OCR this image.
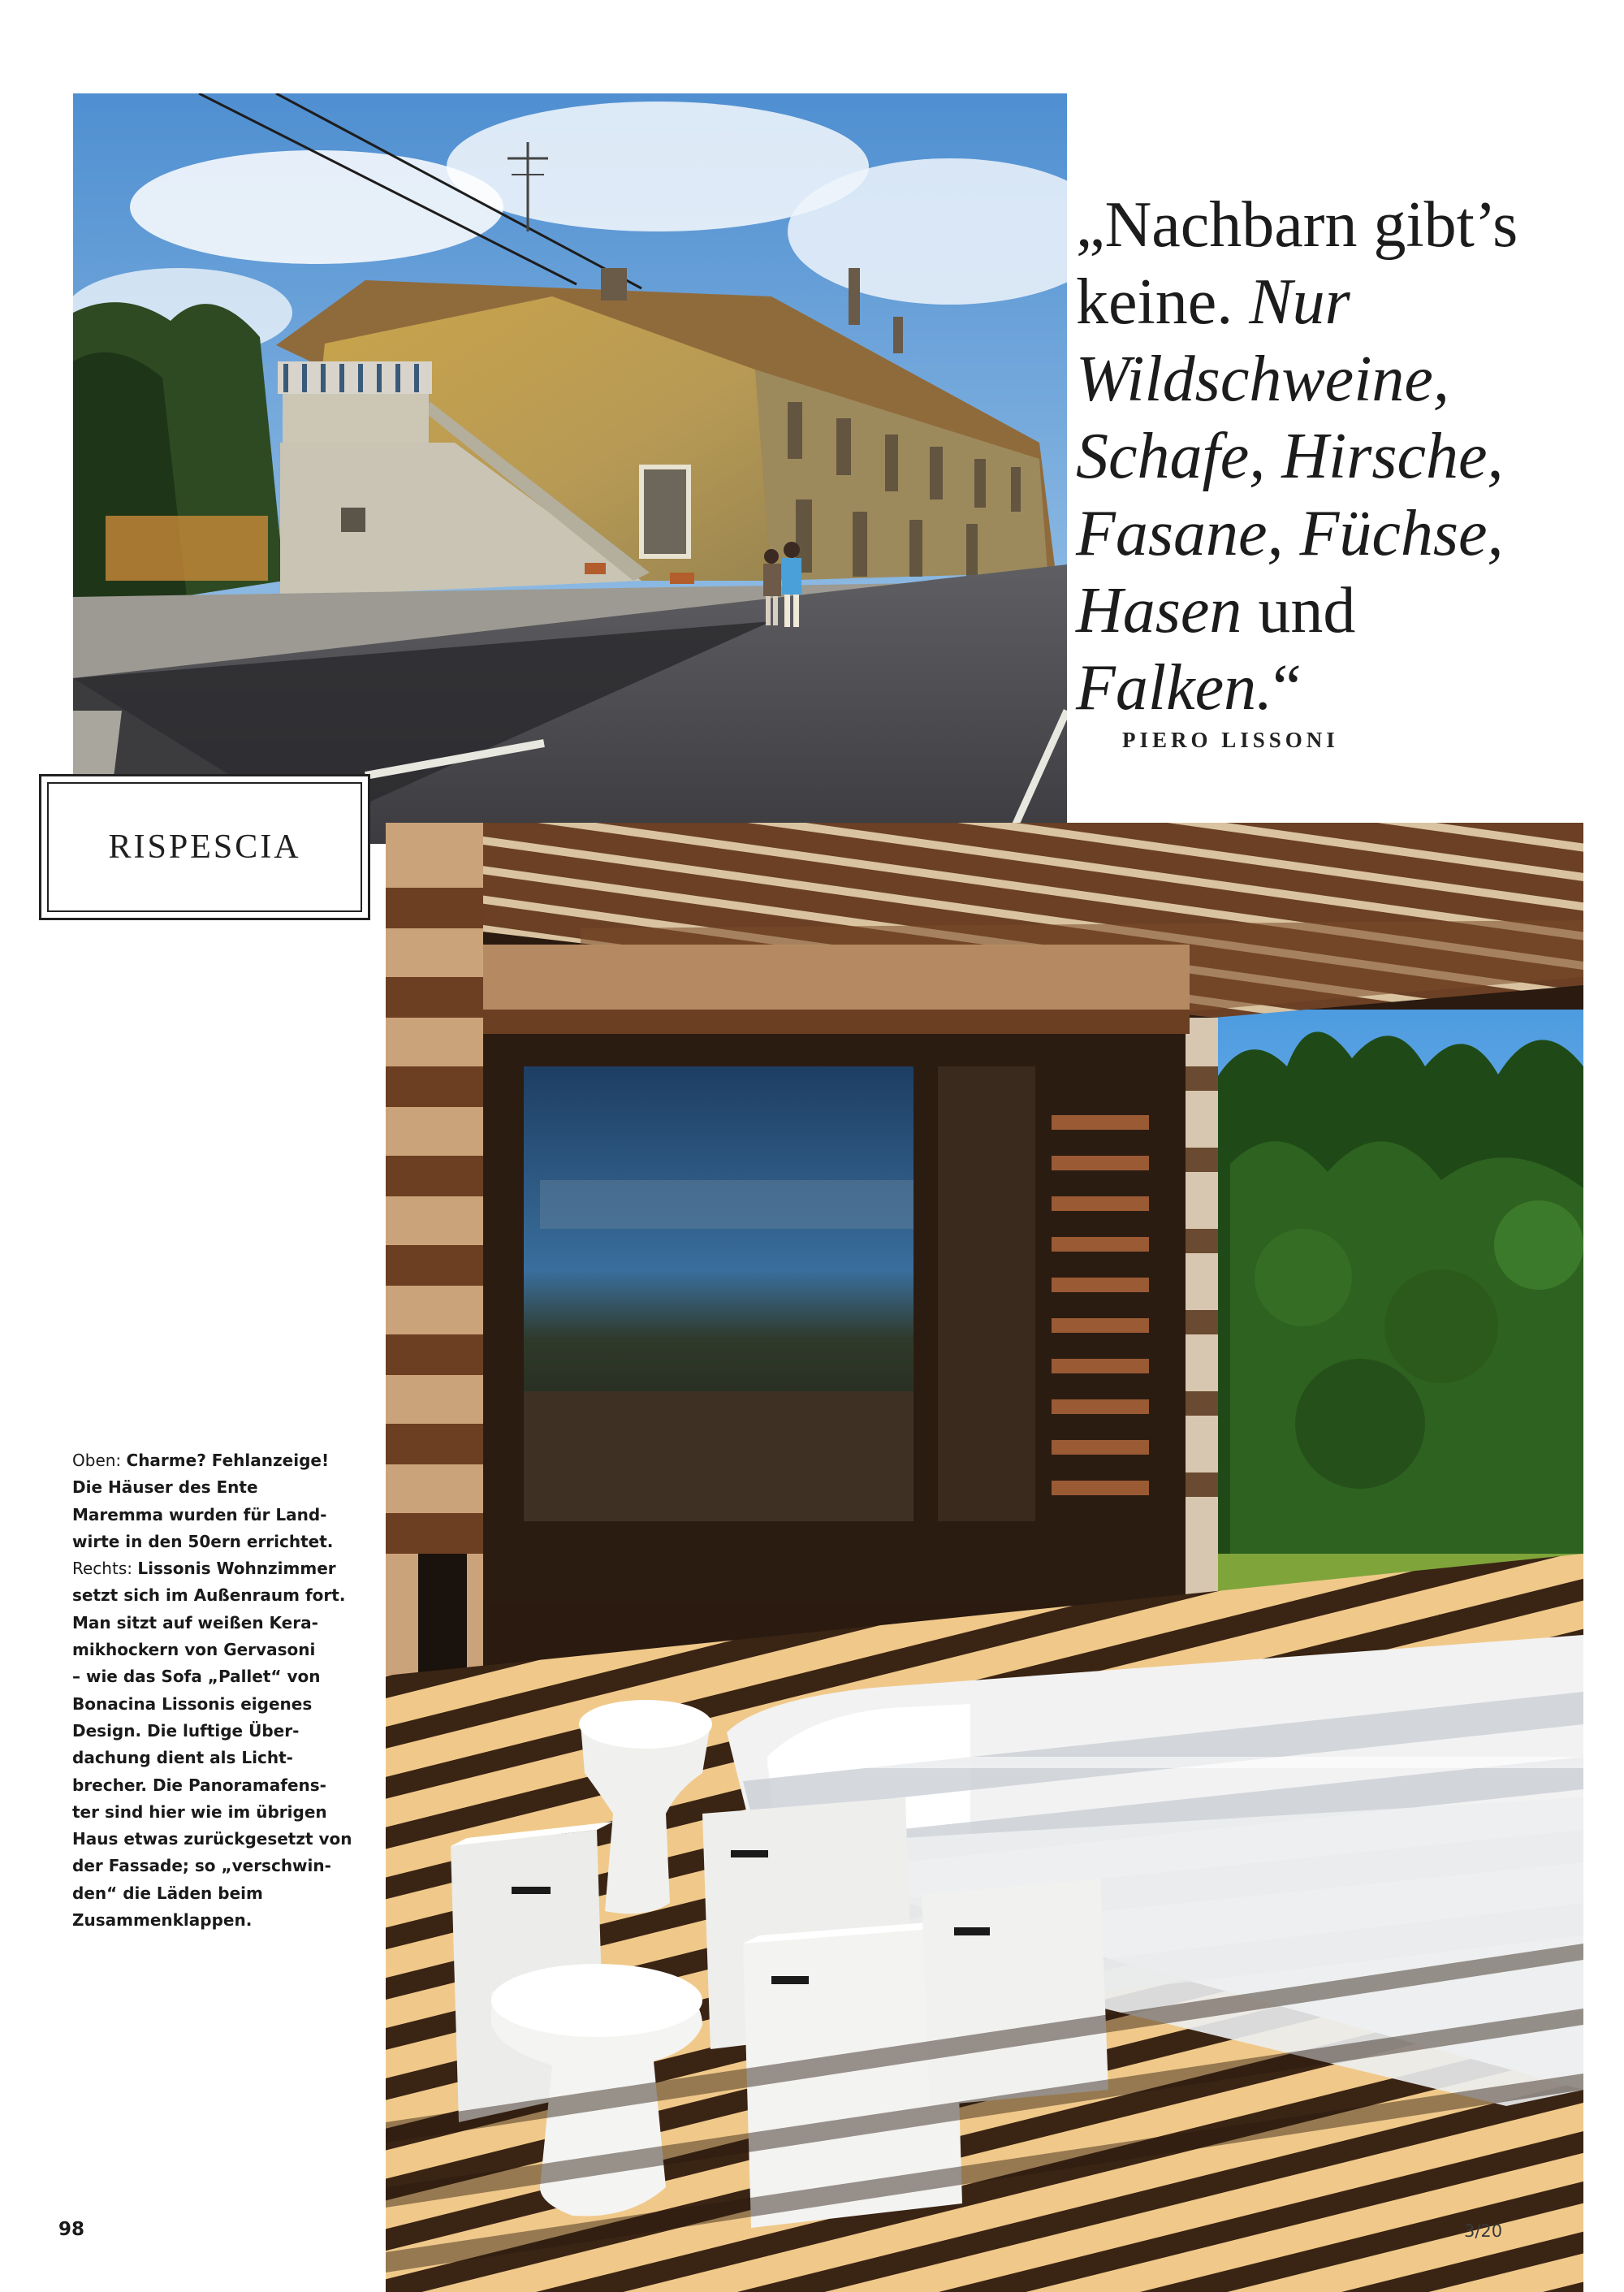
RISPESCIA

„Nachbarn gibt’s
keine. Nur
Wildschweine,
Schafe, Hirsche,
Fasane, Füchse,
Hasen und
Falken.“

PIERO LISSONI

Oben: Charme? Fehlanzeige!
Die Häuser des Ente
Maremma wurden für Land-
wirte in den 50ern errichtet.
Rechts: Lissonis Wohnzimmer
setzt sich im Außenraum fort.
Man sitzt auf weißen Kera-
mikhockern von Gervasoni
– wie das Sofa „Pallet“ von
Bonacina Lissonis eigenes
Design. Die luftige Über-
dachung dient als Licht-
brecher. Die Panoramafens-
ter sind hier wie im übrigen
Haus etwas zurückgesetzt von
der Fassade; so „verschwin-
den“ die Läden beim
Zusammenklappen.

98	3/20
